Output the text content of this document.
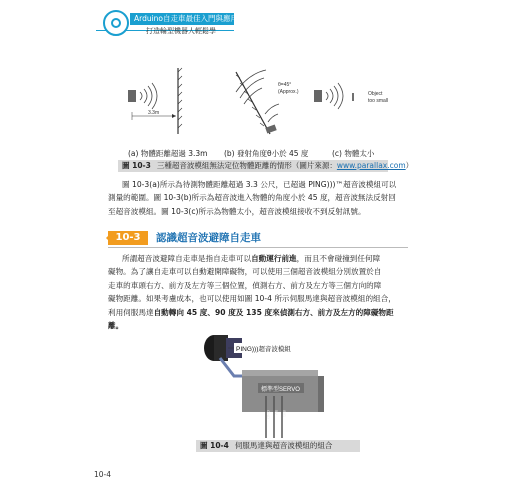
Arduino自走車最佳入門與應用
打造輪型機器人輕鬆學
3.3m
θ=45°
(Approx.)	Object
too small
(a) 物體距離超過 3.3m (b) 發射角度θ小於 45 度	(c) 物體太小
圖 10-3 三種超音波模組無法定位物體距離的情形（圖片來源：www.parallax.com）
圖 10-3(a)所示為待測物體距離超過 3.3 公尺，已超過 PING)))™超音波模組可以
測量的範圍。圖 10-3(b)所示為超音波進入物體的角度小於 45 度，超音波無法反射回
至超音波模組。圖 10-3(c)所示為物體太小，超音波模組接收不到反射訊號。
10-3	認識超音波避障自走車
所謂超音波避障自走車是指自走車可以自動運行前進，而且不會碰撞到任何障
礙物。為了讓自走車可以自動避開障礙物，可以使用三個超音波模組分別放置於自
走車的車頭右方、前方及左方等三個位置，偵測右方、前方及左方等三個方向的障
礙物距離。如果考慮成本，也可以使用如圖 10-4 所示伺服馬達與超音波模組的組合，
利用伺服馬達自動轉向 45 度、90 度及 135 度來偵測右方、前方及左方的障礙物距
離。
PING)))超音波模組
標準型SERVO
GND 5V SIG
圖 10-4 伺服馬達與超音波模組的組合
10-4
